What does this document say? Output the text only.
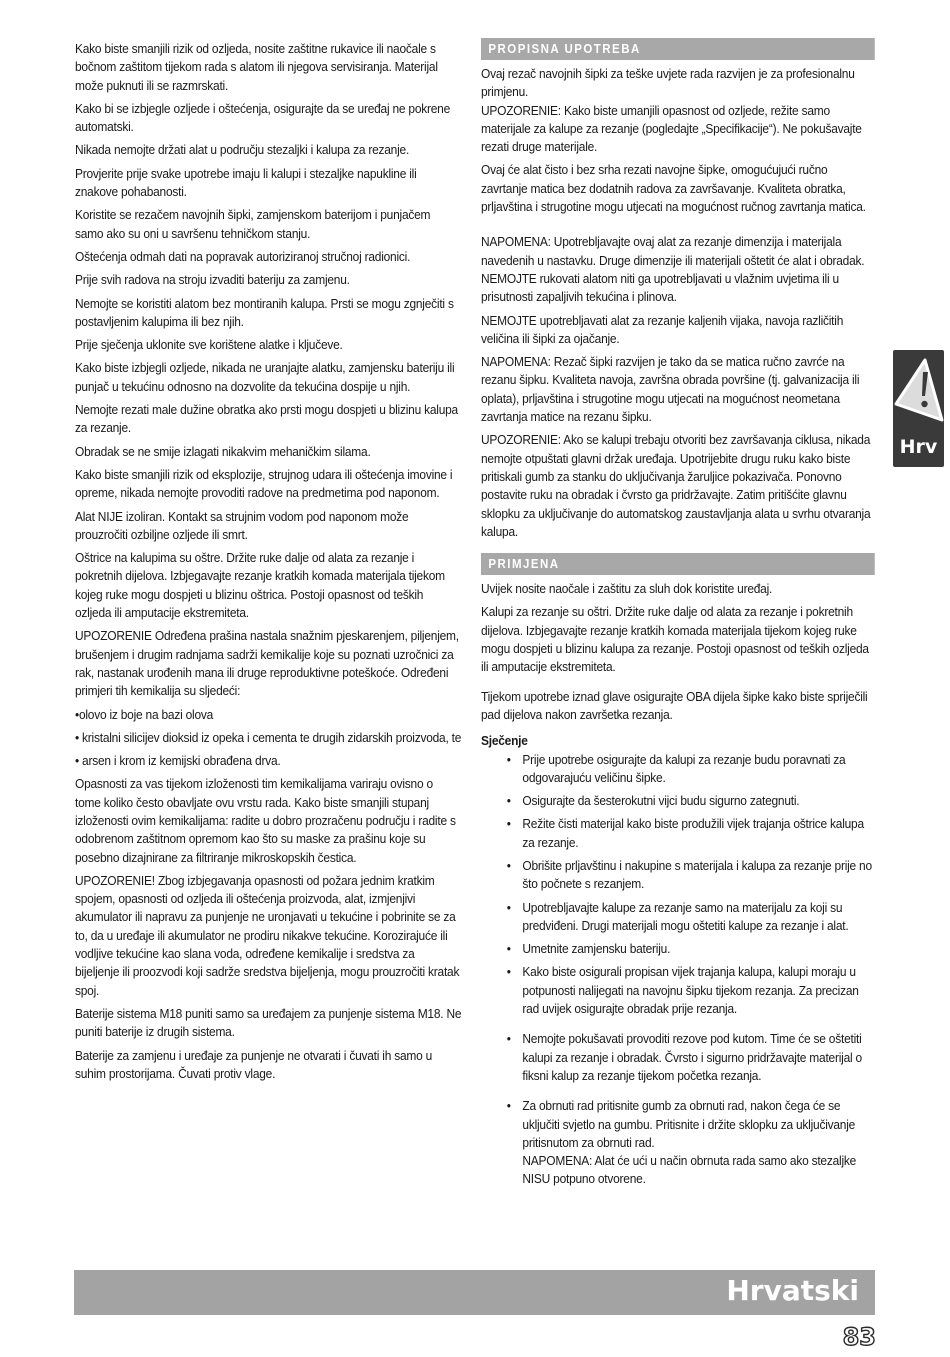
Kako biste smanjili rizik od ozljeda, nosite zaštitne rukavice ili naočale s bočnom zaštitom tijekom rada s alatom ili njegova servisiranja. Materijal može puknuti ili se razmrskati.

Kako bi se izbjegle ozljede i oštećenja, osigurajte da se uređaj ne pokrene automatski.

Nikada nemojte držati alat u području stezaljki i kalupa za rezanje.

Provjerite prije svake upotrebe imaju li kalupi i stezaljke napukline ili znakove pohabanosti.

Koristite se rezačem navojnih šipki, zamjenskom baterijom i punjačem samo ako su oni u savršenu tehničkom stanju.

Oštećenja odmah dati na popravak autoriziranoj stručnoj radionici.

Prije svih radova na stroju izvaditi bateriju za zamjenu.

Nemojte se koristiti alatom bez montiranih kalupa. Prsti se mogu zgnječiti s postavljenim kalupima ili bez njih.

Prije sječenja uklonite sve korištene alatke i ključeve.

Kako biste izbjegli ozljede, nikada ne uranjajte alatku, zamjensku bateriju ili punjač u tekućinu odnosno na dozvolite da tekućina dospije u njih.

Nemojte rezati male dužine obratka ako prsti mogu dospjeti u blizinu kalupa za rezanje.

Obradak se ne smije izlagati nikakvim mehaničkim silama.

Kako biste smanjili rizik od eksplozije, strujnog udara ili oštećenja imovine i opreme, nikada nemojte provoditi radove na predmetima pod naponom.

Alat NIJE izoliran. Kontakt sa strujnim vodom pod naponom može prouzročiti ozbiljne ozljede ili smrt.

Oštrice na kalupima su oštre. Držite ruke dalje od alata za rezanje i pokretnih dijelova. Izbjegavajte rezanje kratkih komada materijala tijekom kojeg ruke mogu dospjeti u blizinu oštrica. Postoji opasnost od teških ozljeda ili amputacije ekstremiteta.

UPOZORENIE Određena prašina nastala snažnim pjeskarenjem, piljenjem, brušenjem i drugim radnjama sadrži kemikalije koje su poznati uzročnici za rak, nastanak urođenih mana ili druge reproduktivne poteškoće. Određeni primjeri tih kemikalija su sljedeći:

•olovo iz boje na bazi olova

• kristalni silicijev dioksid iz opeka i cementa te drugih zidarskih proizvoda, te

• arsen i krom iz kemijski obrađena drva.

Opasnosti za vas tijekom izloženosti tim kemikalijama variraju ovisno o tome koliko često obavljate ovu vrstu rada. Kako biste smanjili stupanj izloženosti ovim kemikalijama: radite u dobro prozračenu području i radite s odobrenom zaštitnom opremom kao što su maske za prašinu koje su posebno dizajnirane za filtriranje mikroskopskih čestica.

UPOZORENIE! Zbog izbjegavanja opasnosti od požara jednim kratkim spojem, opasnosti od ozljeda ili oštećenja proizvoda, alat, izmjenjivi akumulator ili napravu za punjenje ne uronjavati u tekućine i pobrinite se za to, da u uređaje ili akumulator ne prodiru nikakve tekućine. Korozirajuće ili vodljive tekućine kao slana voda, određene kemikalije i sredstva za bijeljenje ili proozvodi koji sadrže sredstva bijeljenja, mogu prouzročiti kratak spoj.

Baterije sistema M18 puniti samo sa uređajem za punjenje sistema M18. Ne puniti baterije iz drugih sistema.

Baterije za zamjenu i uređaje za punjenje ne otvarati i čuvati ih samo u suhim prostorijama. Čuvati protiv vlage.

PROPISNA UPOTREBA

Ovaj rezač navojnih šipki za teške uvjete rada razvijen je za profesionalnu primjenu.

UPOZORENIE: Kako biste umanjili opasnost od ozljede, režite samo materijale za kalupe za rezanje (pogledajte „Specifikacije“). Ne pokušavajte rezati druge materijale.

Ovaj će alat čisto i bez srha rezati navojne šipke, omogućujući ručno zavrtanje matica bez dodatnih radova za završavanje. Kvaliteta obratka, prljavština i strugotine mogu utjecati na mogućnost ručnog zavrtanja matica.

NAPOMENA: Upotrebljavajte ovaj alat za rezanje dimenzija i materijala navedenih u nastavku. Druge dimenzije ili materijali oštetit će alat i obradak.

NEMOJTE rukovati alatom niti ga upotrebljavati u vlažnim uvjetima ili u prisutnosti zapaljivih tekućina i plinova.

NEMOJTE upotrebljavati alat za rezanje kaljenih vijaka, navoja različitih veličina ili šipki za ojačanje.

NAPOMENA: Rezač šipki razvijen je tako da se matica ručno zavrće na rezanu šipku. Kvaliteta navoja, završna obrada površine (tj. galvanizacija ili oplata), prljavština i strugotine mogu utjecati na mogućnost neometana zavrtanja matice na rezanu šipku.

UPOZORENIE: Ako se kalupi trebaju otvoriti bez završavanja ciklusa, nikada nemojte otpuštati glavni držak uređaja. Upotrijebite drugu ruku kako biste pritiskali gumb za stanku do uključivanja žaruljice pokazivača. Ponovno postavite ruku na obradak i čvrsto ga pridržavajte. Zatim pritišćite glavnu sklopku za uključivanje do automatskog zaustavljanja alata u svrhu otvaranja kalupa.

PRIMJENA

Uvijek nosite naočale i zaštitu za sluh dok koristite uređaj.

Kalupi za rezanje su oštri. Držite ruke dalje od alata za rezanje i pokretnih dijelova. Izbjegavajte rezanje kratkih komada materijala tijekom kojeg ruke mogu dospjeti u blizinu kalupa za rezanje. Postoji opasnost od teških ozljeda ili amputacije ekstremiteta.

Tijekom upotrebe iznad glave osigurajte OBA dijela šipke kako biste spriječili pad dijelova nakon završetka rezanja.

Sječenje
• Prije upotrebe osigurajte da kalupi za rezanje budu poravnati za odgovarajuću veličinu šipke.
• Osigurajte da šesterokutni vijci budu sigurno zategnuti.
• Režite čisti materijal kako biste produžili vijek trajanja oštrice kalupa za rezanje.
• Obrišite prljavštinu i nakupine s materijala i kalupa za rezanje prije no što počnete s rezanjem.
• Upotrebljavajte kalupe za rezanje samo na materijalu za koji su predviđeni. Drugi materijali mogu oštetiti kalupe za rezanje i alat.
• Umetnite zamjensku bateriju.
• Kako biste osigurali propisan vijek trajanja kalupa, kalupi moraju u potpunosti nalijegati na navojnu šipku tijekom rezanja. Za precizan rad uvijek osigurajte obradak prije rezanja.
• Nemojte pokušavati provoditi rezove pod kutom. Time će se oštetiti kalupi za rezanje i obradak. Čvrsto i sigurno pridržavajte materijal o fiksni kalup za rezanje tijekom početka rezanja.
• Za obrnuti rad pritisnite gumb za obrnuti rad, nakon čega će se uključiti svjetlo na gumbu. Pritisnite i držite sklopku za uključivanje pritisnutom za obrnuti rad.
NAPOMENA: Alat će ući u način obrnuta rada samo ako stezaljke NISU potpuno otvorene.
Hrv
Hrvatski
83
